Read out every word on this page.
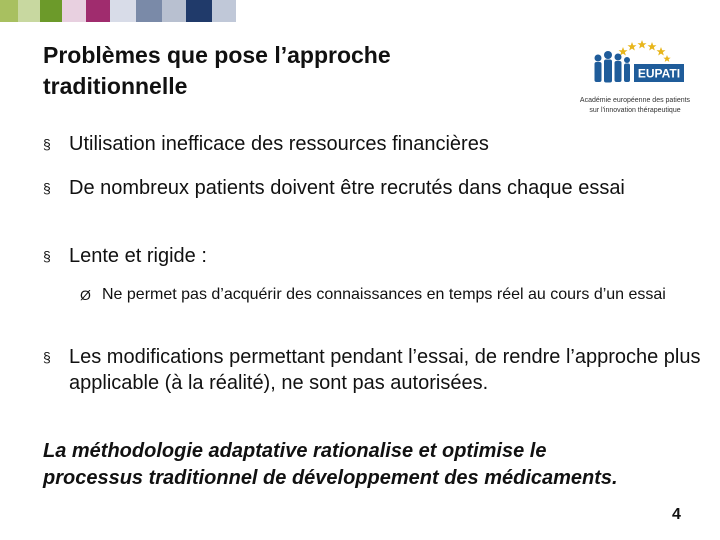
Problèmes que pose l’approche traditionnelle	EUPATI
Académie européenne des patients
sur l'innovation thérapeutique
§ Utilisation inefficace des ressources financières
§ De nombreux patients doivent être recrutés dans chaque essai
§ Lente et rigide :
Ø Ne permet pas d’acquérir des connaissances en temps réel au cours d’un essai
§ Les modifications permettant pendant l’essai, de rendre l’approche plus applicable (à la réalité), ne sont pas autorisées.
La méthodologie adaptative rationalise et optimise le processus traditionnel de développement des médicaments.
4
